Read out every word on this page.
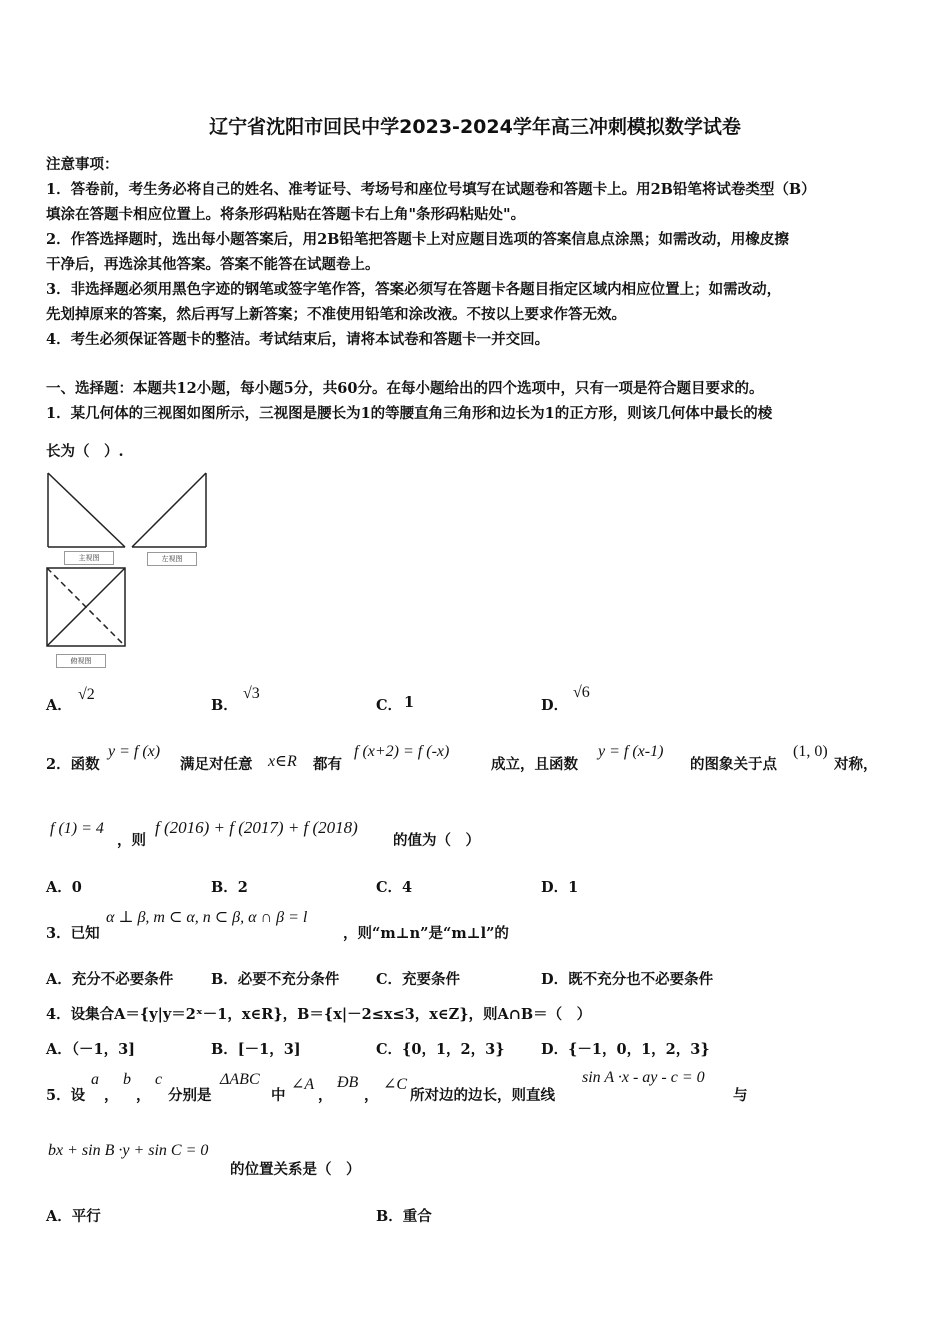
辽宁省沈阳市回民中学2023-2024学年高三冲刺模拟数学试卷
注意事项：
1．答卷前，考生务必将自己的姓名、准考证号、考场号和座位号填写在试题卷和答题卡上。用2B铅笔将试卷类型（B）
填涂在答题卡相应位置上。将条形码粘贴在答题卡右上角"条形码粘贴处"。
2．作答选择题时，选出每小题答案后，用2B铅笔把答题卡上对应题目选项的答案信息点涂黑；如需改动，用橡皮擦
干净后，再选涂其他答案。答案不能答在试题卷上。
3．非选择题必须用黑色字迹的钢笔或签字笔作答，答案必须写在答题卡各题目指定区域内相应位置上；如需改动，
先划掉原来的答案，然后再写上新答案；不准使用铅笔和涂改液。不按以上要求作答无效。
4．考生必须保证答题卡的整洁。考试结束后，请将本试卷和答题卡一并交回。
一、选择题：本题共12小题，每小题5分，共60分。在每小题给出的四个选项中，只有一项是符合题目要求的。
1．某几何体的三视图如图所示，三视图是腰长为1的等腰直角三角形和边长为1的正方形，则该几何体中最长的棱
长为（　）.
主视图	左视图
俯视图
A．
√2
B．
√3
C． 1	D．
√6
2．函数
y = f (x)
满足对任意 x∈R 都有
f (x+2) = f (-x)
成立，且函数
y = f (x-1)
的图象关于点
(1, 0)
对称，
f (1) = 4
，则
f (2016) + f (2017) + f (2018)
的值为（　）
A．0	B．2	C．4	D．1
3．已知
α ⊥ β, m ⊂ α, n ⊂ β, α ∩ β = l
，则“m⊥n”是“m⊥l”的
A．充分不必要条件	B．必要不充分条件	C．充要条件	D．既不充分也不必要条件
4．设集合A＝{y|y＝2ˣ－1，x∈R}，B＝{x|－2≤x≤3，x∈Z}，则A∩B＝（　）
A．（－1，3]	B．[－1，3]	C．{0，1，2，3}	D．{－1，0，1，2，3}
5．设
a
，
b
，
c
分别是
ΔABC
中
∠A
，
ÐB
，
∠C
所对边的边长，则直线
sin A ·x - ay - c = 0
与
bx + sin B ·y + sin C = 0
的位置关系是（　）
A．平行	B．重合
